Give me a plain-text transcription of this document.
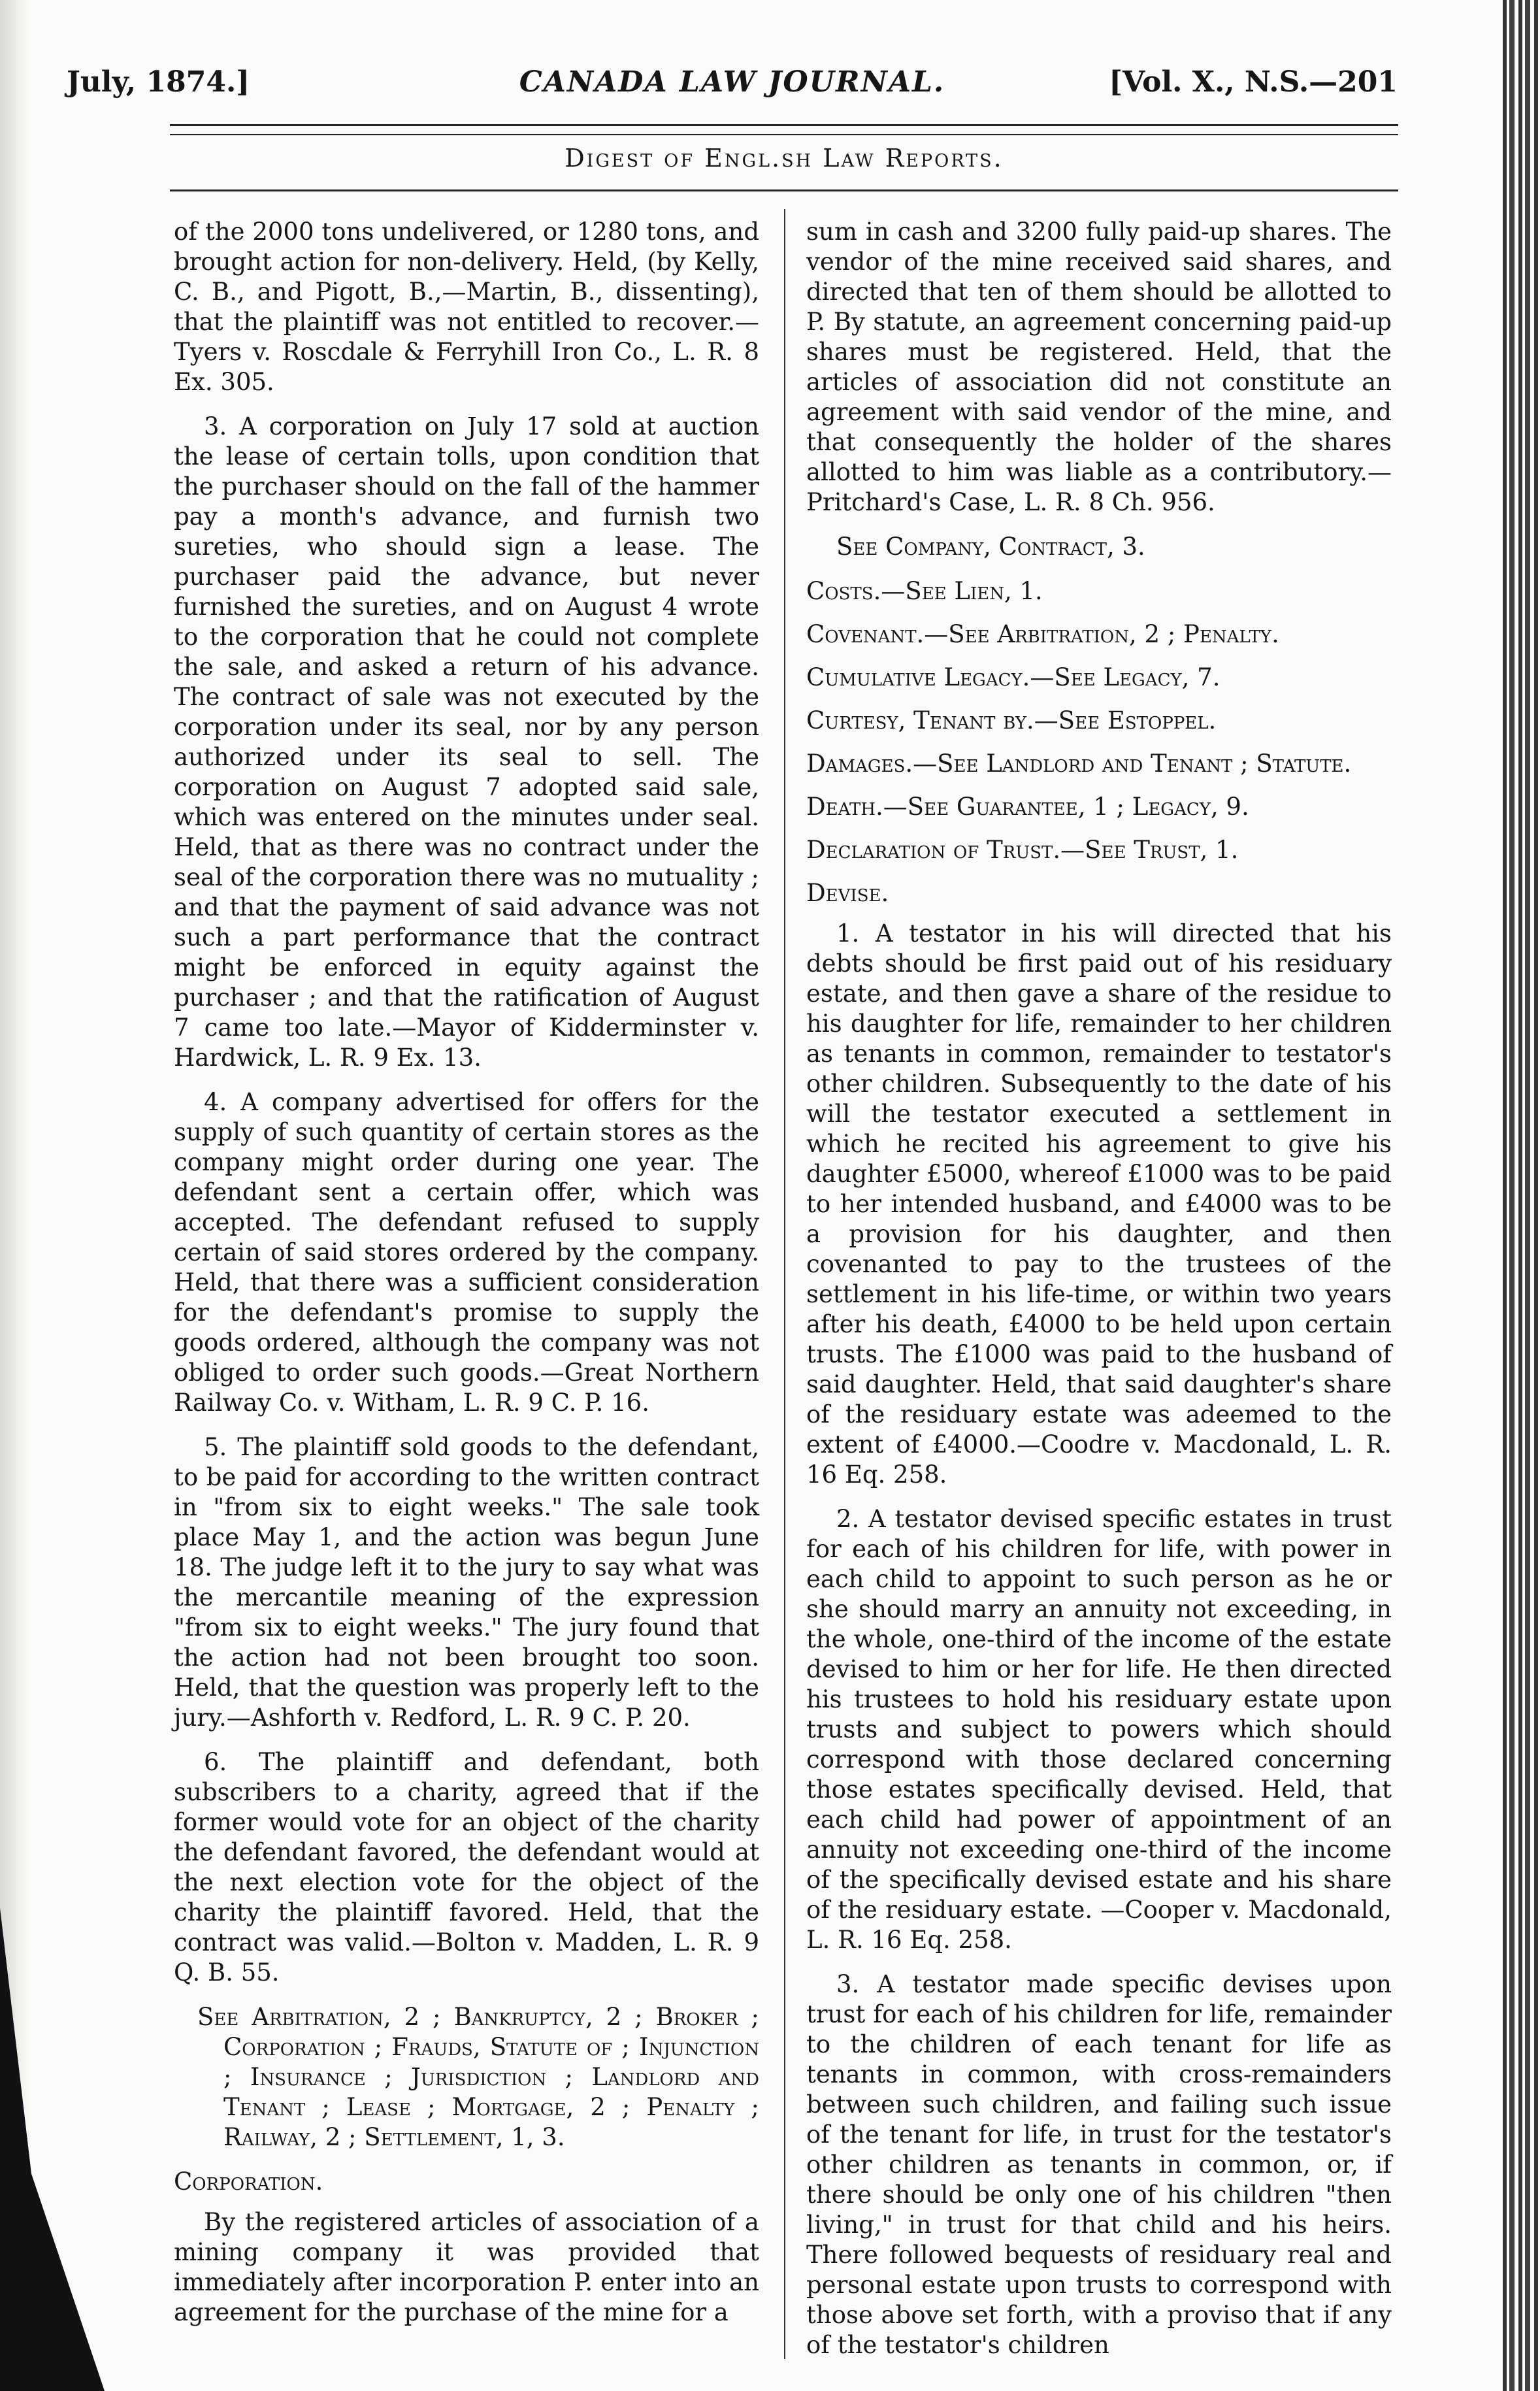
July, 1874.]	CANADA LAW JOURNAL.	[Vol. X., N.S.—201
Digest of Engl.sh Law Reports.

of the 2000 tons undelivered, or 1280 tons, and brought action for non-delivery. Held, (by Kelly, C. B., and Pigott, B.,—Martin, B., dissenting), that the plaintiff was not entitled to recover.—Tyers v. Roscdale & Ferryhill Iron Co., L. R. 8 Ex. 305.

3. A corporation on July 17 sold at auction the lease of certain tolls, upon condition that the purchaser should on the fall of the hammer pay a month's advance, and furnish two sureties, who should sign a lease. The purchaser paid the advance, but never furnished the sureties, and on August 4 wrote to the corporation that he could not complete the sale, and asked a return of his advance. The contract of sale was not executed by the corporation under its seal, nor by any person authorized under its seal to sell. The corporation on August 7 adopted said sale, which was entered on the minutes under seal. Held, that as there was no contract under the seal of the corporation there was no mutuality ; and that the payment of said advance was not such a part performance that the contract might be enforced in equity against the purchaser ; and that the ratification of August 7 came too late.—Mayor of Kidderminster v. Hardwick, L. R. 9 Ex. 13.

4. A company advertised for offers for the supply of such quantity of certain stores as the company might order during one year. The defendant sent a certain offer, which was accepted. The defendant refused to supply certain of said stores ordered by the company. Held, that there was a sufficient consideration for the defendant's promise to supply the goods ordered, although the company was not obliged to order such goods.—Great Northern Railway Co. v. Witham, L. R. 9 C. P. 16.

5. The plaintiff sold goods to the defendant, to be paid for according to the written contract in "from six to eight weeks." The sale took place May 1, and the action was begun June 18. The judge left it to the jury to say what was the mercantile meaning of the expression "from six to eight weeks." The jury found that the action had not been brought too soon. Held, that the question was properly left to the jury.—Ashforth v. Redford, L. R. 9 C. P. 20.

6. The plaintiff and defendant, both subscribers to a charity, agreed that if the former would vote for an object of the charity the defendant favored, the defendant would at the next election vote for the object of the charity the plaintiff favored. Held, that the contract was valid.—Bolton v. Madden, L. R. 9 Q. B. 55.

See Arbitration, 2 ; Bankruptcy, 2 ; Broker ; Corporation ; Frauds, Statute of ; Injunction ; Insurance ; Jurisdiction ; Landlord and Tenant ; Lease ; Mortgage, 2 ; Penalty ; Railway, 2 ; Settlement, 1, 3.

Corporation.

By the registered articles of association of a mining company it was provided that immediately after incorporation P. enter into an agreement for the purchase of the mine for a

sum in cash and 3200 fully paid-up shares. The vendor of the mine received said shares, and directed that ten of them should be allotted to P. By statute, an agreement concerning paid-up shares must be registered. Held, that the articles of association did not constitute an agreement with said vendor of the mine, and that consequently the holder of the shares allotted to him was liable as a contributory.—Pritchard's Case, L. R. 8 Ch. 956.

See Company, Contract, 3.

Costs.—See Lien, 1.
Covenant.—See Arbitration, 2 ; Penalty.
Cumulative Legacy.—See Legacy, 7.
Curtesy, Tenant by.—See Estoppel.
Damages.—See Landlord and Tenant ; Statute.
Death.—See Guarantee, 1 ; Legacy, 9.
Declaration of Trust.—See Trust, 1.
Devise.

1. A testator in his will directed that his debts should be first paid out of his residuary estate, and then gave a share of the residue to his daughter for life, remainder to her children as tenants in common, remainder to testator's other children. Subsequently to the date of his will the testator executed a settlement in which he recited his agreement to give his daughter £5000, whereof £1000 was to be paid to her intended husband, and £4000 was to be a provision for his daughter, and then covenanted to pay to the trustees of the settlement in his life-time, or within two years after his death, £4000 to be held upon certain trusts. The £1000 was paid to the husband of said daughter. Held, that said daughter's share of the residuary estate was adeemed to the extent of £4000.—Coodre v. Macdonald, L. R. 16 Eq. 258.

2. A testator devised specific estates in trust for each of his children for life, with power in each child to appoint to such person as he or she should marry an annuity not exceeding, in the whole, one-third of the income of the estate devised to him or her for life. He then directed his trustees to hold his residuary estate upon trusts and subject to powers which should correspond with those declared concerning those estates specifically devised. Held, that each child had power of appointment of an annuity not exceeding one-third of the income of the specifically devised estate and his share of the residuary estate. —Cooper v. Macdonald, L. R. 16 Eq. 258.

3. A testator made specific devises upon trust for each of his children for life, remainder to the children of each tenant for life as tenants in common, with cross-remainders between such children, and failing such issue of the tenant for life, in trust for the testator's other children as tenants in common, or, if there should be only one of his children "then living," in trust for that child and his heirs. There followed bequests of residuary real and personal estate upon trusts to correspond with those above set forth, with a proviso that if any of the testator's children
